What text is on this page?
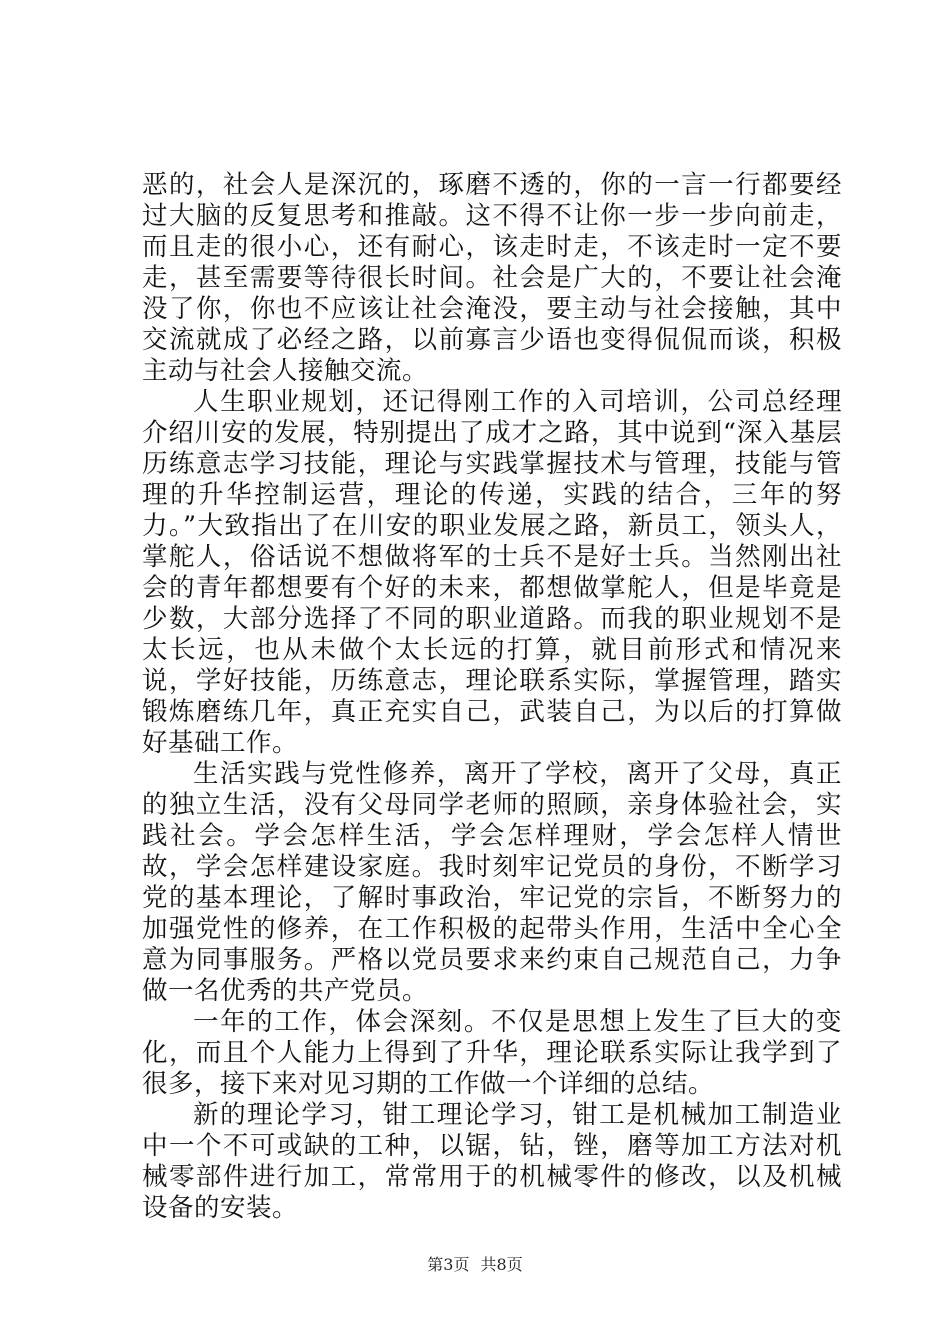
恶的，社会人是深沉的，琢磨不透的，你的一言一行都要经过大脑的反复思考和推敲。这不得不让你一步一步向前走，而且走的很小心，还有耐心，该走时走，不该走时一定不要走，甚至需要等待很长时间。社会是广大的，不要让社会淹没了你，你也不应该让社会淹没，要主动与社会接触，其中交流就成了必经之路，以前寡言少语也变得侃侃而谈，积极主动与社会人接触交流。

人生职业规划，还记得刚工作的入司培训，公司总经理介绍川安的发展，特别提出了成才之路，其中说到“深入基层历练意志学习技能，理论与实践掌握技术与管理，技能与管理的升华控制运营，理论的传递，实践的结合，三年的努力。”大致指出了在川安的职业发展之路，新员工，领头人，掌舵人，俗话说不想做将军的士兵不是好士兵。当然刚出社会的青年都想要有个好的未来，都想做掌舵人，但是毕竟是少数，大部分选择了不同的职业道路。而我的职业规划不是太长远，也从未做个太长远的打算，就目前形式和情况来说，学好技能，历练意志，理论联系实际，掌握管理，踏实锻炼磨练几年，真正充实自己，武装自己，为以后的打算做好基础工作。

生活实践与党性修养，离开了学校，离开了父母，真正的独立生活，没有父母同学老师的照顾，亲身体验社会，实践社会。学会怎样生活，学会怎样理财，学会怎样人情世故，学会怎样建设家庭。我时刻牢记党员的身份，不断学习党的基本理论，了解时事政治，牢记党的宗旨，不断努力的加强党性的修养，在工作积极的起带头作用，生活中全心全意为同事服务。严格以党员要求来约束自己规范自己，力争做一名优秀的共产党员。

一年的工作，体会深刻。不仅是思想上发生了巨大的变化，而且个人能力上得到了升华，理论联系实际让我学到了很多，接下来对见习期的工作做一个详细的总结。

新的理论学习，钳工理论学习，钳工是机械加工制造业中一个不可或缺的工种，以锯，钻，锉，磨等加工方法对机械零部件进行加工，常常用于的机械零件的修改，以及机械设备的安装。

第3页 共8页
